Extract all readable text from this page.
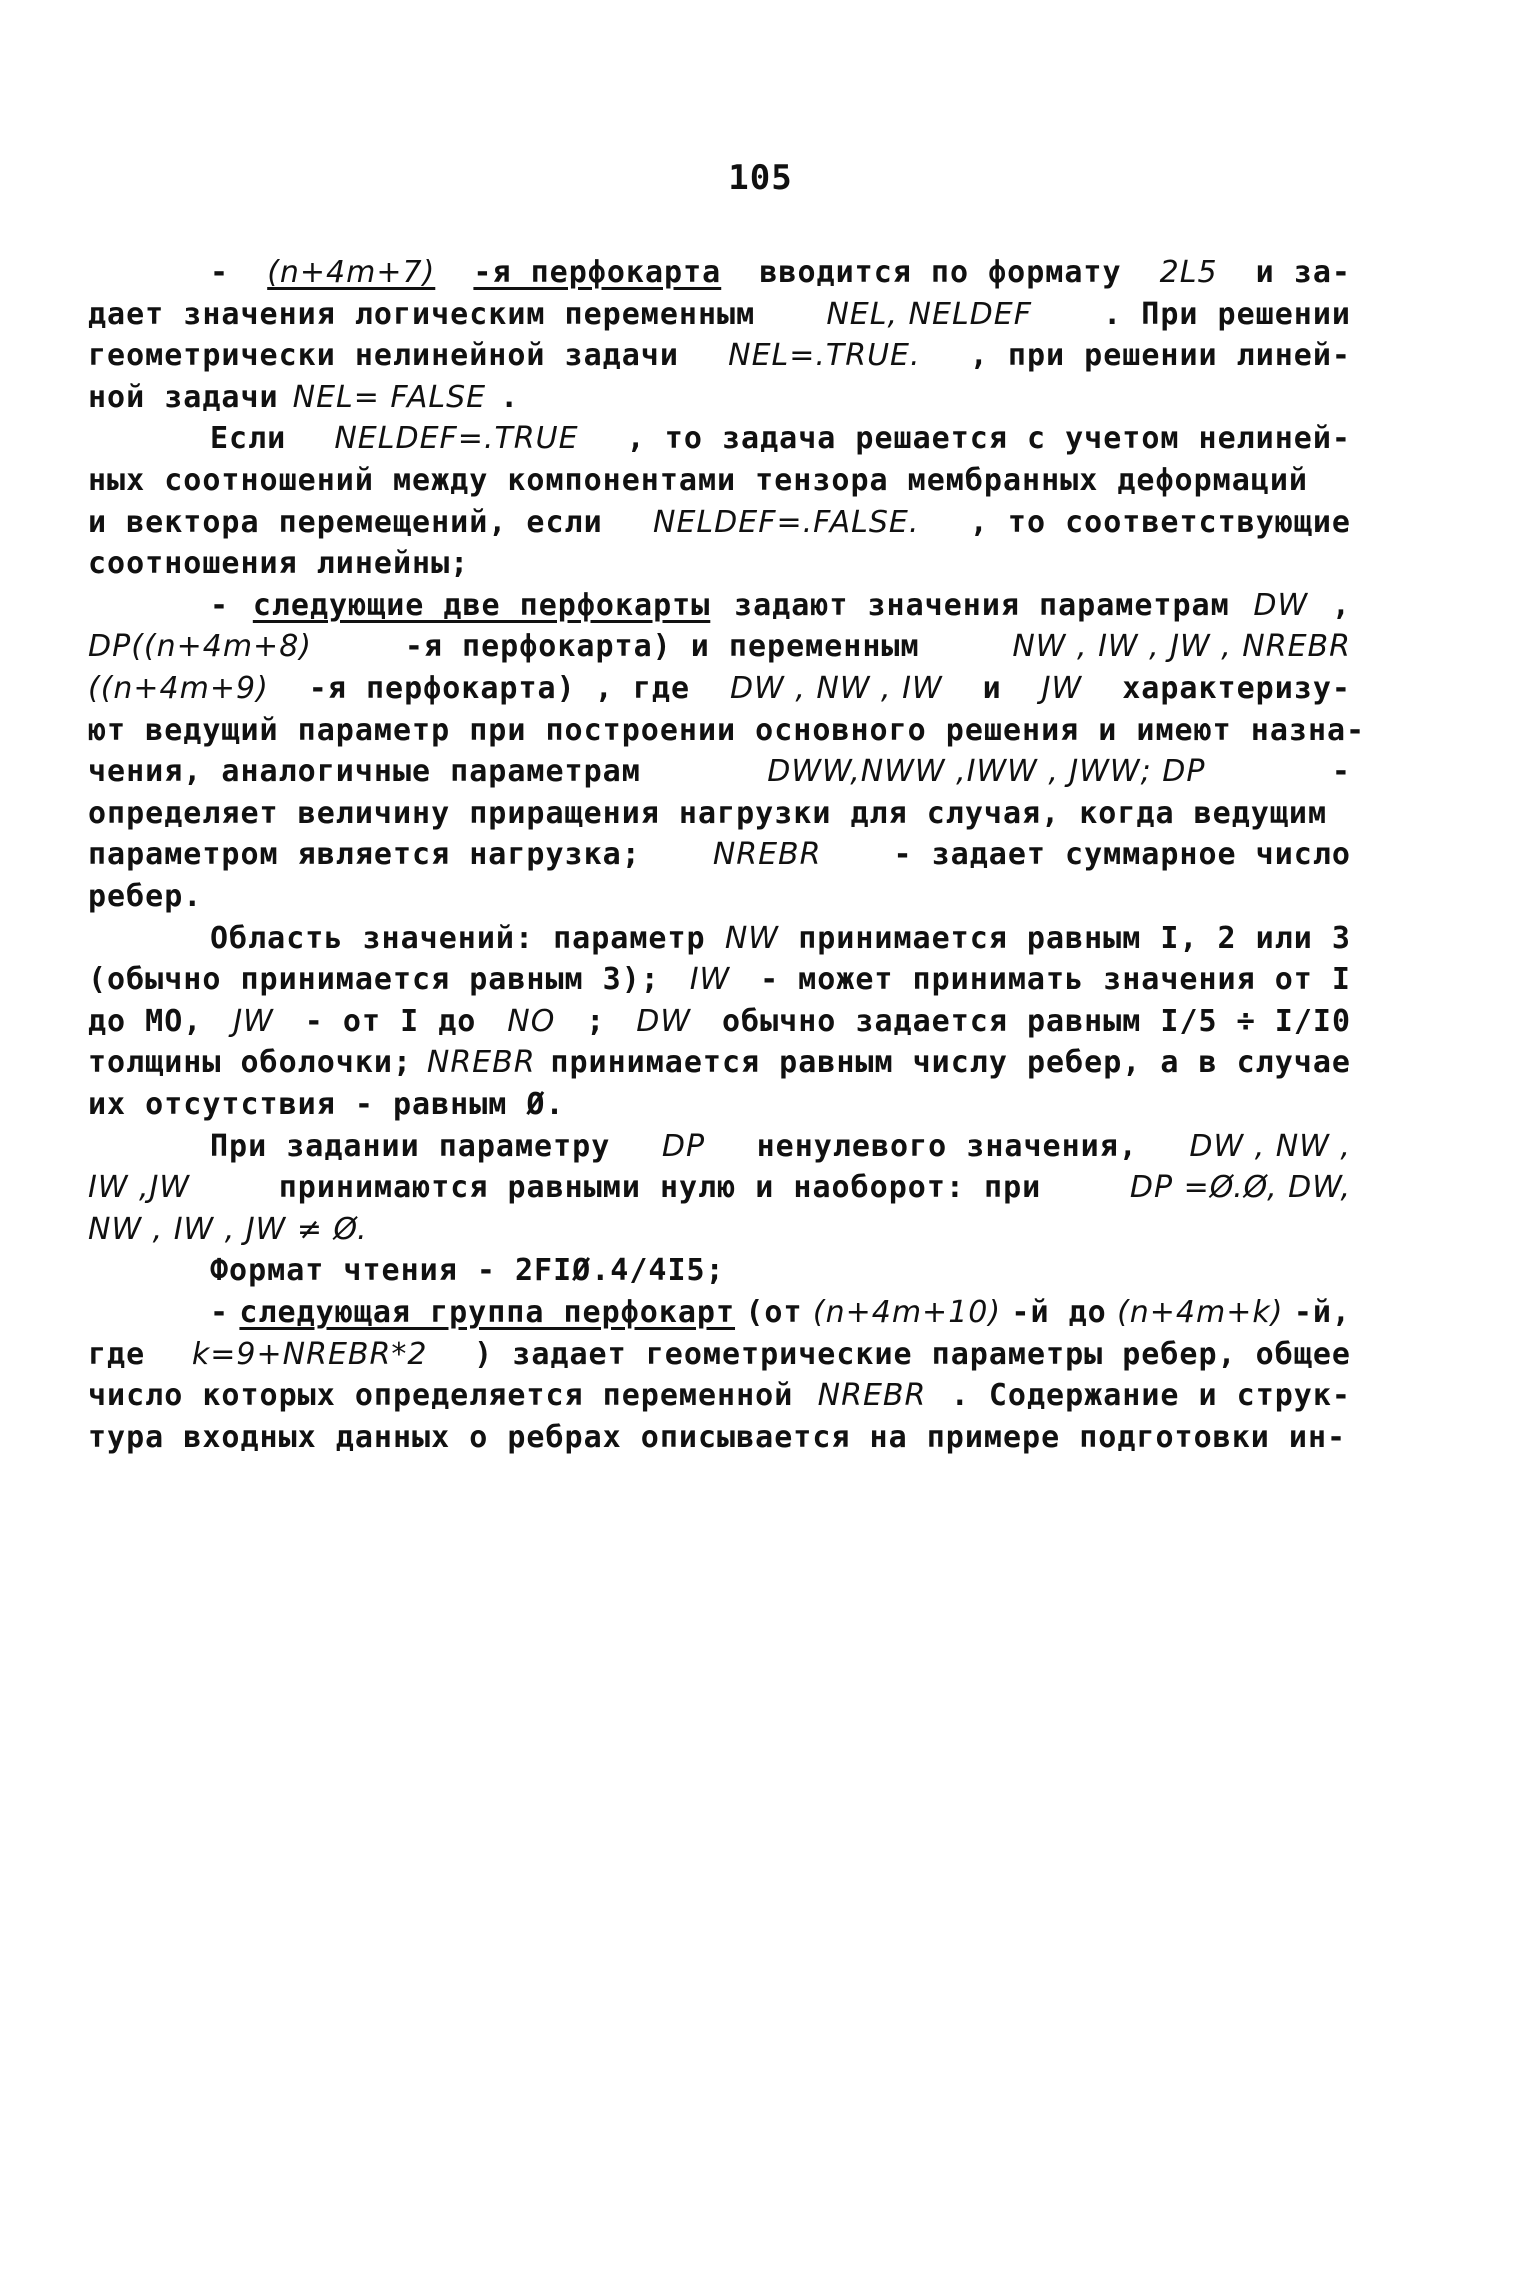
105
- (n+4m+7) -я перфокарта вводится по формату 2L5 и за-
дает значения логическим переменным NEL, NELDEF . При решении
геометрически нелинейной задачи NEL=.TRUE. , при решении линей-
ной задачи NEL= FALSE .
Если NELDEF=.TRUE , то задача решается с учетом нелиней-
ных соотношений между компонентами тензора мембранных деформаций
и вектора перемещений, если NELDEF=.FALSE. , то соответствующие
соотношения линейны;
- следующие две перфокарты задают значения параметрам DW ,
DP((n+4m+8)	-я перфокарта) и переменным	NW , IW , JW , NREBR
((n+4m+9) -я перфокарта) , где DW , NW , IW и JW характеризу-
ют ведущий параметр при построении основного решения и имеют назна-
чения, аналогичные параметрам	DWW,NWW ,IWW , JWW; DP	-
определяет величину приращения нагрузки для случая, когда ведущим
параметром является нагрузка; NREBR - задает суммарное число
ребер.
Область значений: параметр NW принимается равным I, 2 или 3
(обычно принимается равным 3); IW - может принимать значения от I
до MO, JW - от I до NO ; DW обычно задается равным I/5 ÷ I/I0
толщины оболочки; NREBR принимается равным числу ребер, а в случае
их отсутствия - равным Ø.
При задании параметру DP ненулевого значения, DW , NW ,
IW ,JW	принимаются равными нулю и наоборот: при	DP =Ø.Ø, DW,
NW , IW , JW ≠ Ø.
Формат чтения - 2FIØ.4/4I5;
- следующая группа перфокарт (от (n+4m+10) -й до (n+4m+k) -й,
где k=9+NREBR*2 ) задает геометрические параметры ребер, общее
число которых определяется переменной NREBR . Содержание и струк-
тура входных данных о ребрах описывается на примере подготовки ин-
